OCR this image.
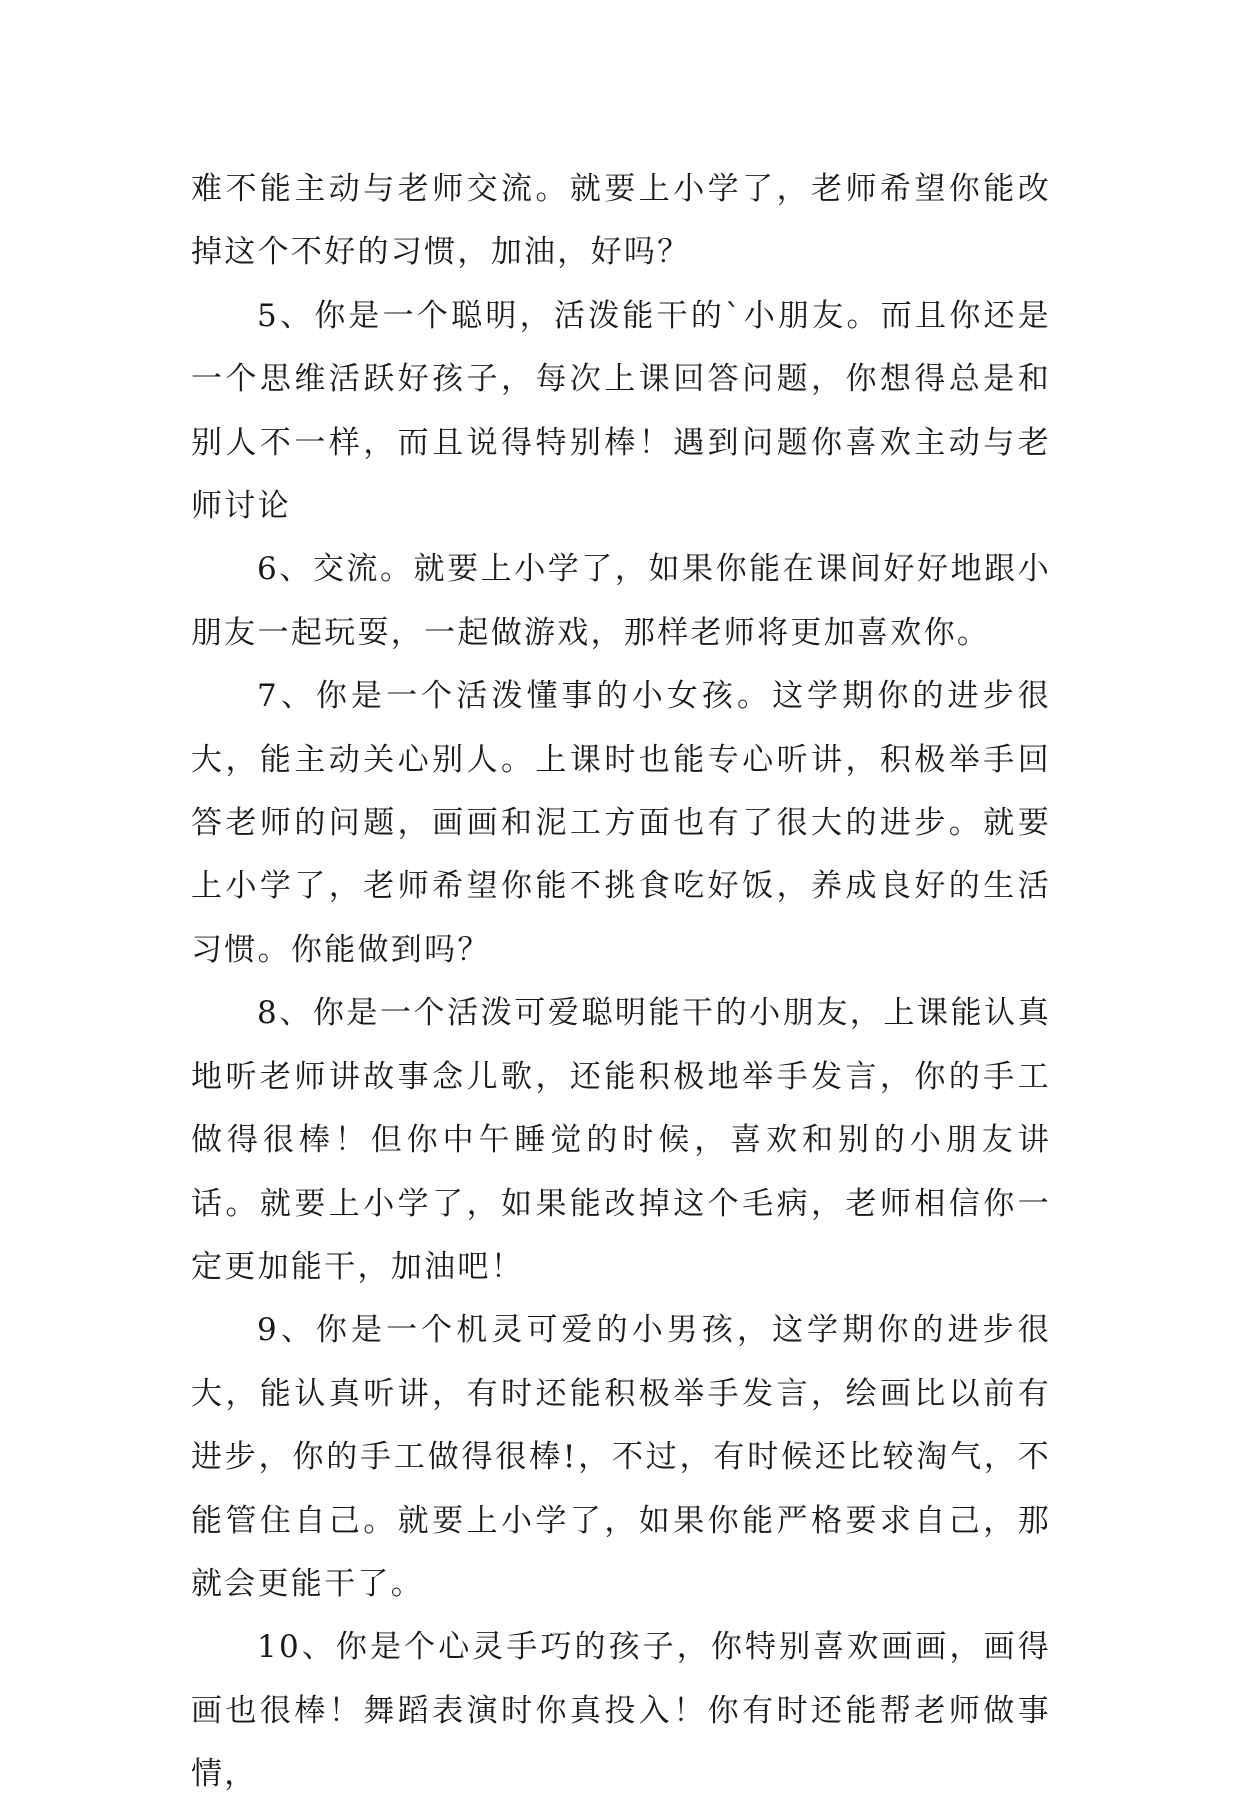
难不能主动与老师交流。就要上小学了，老师希望你能改掉这个不好的习惯，加油，好吗？

5、你是一个聪明，活泼能干的`小朋友。而且你还是一个思维活跃好孩子，每次上课回答问题，你想得总是和别人不一样，而且说得特别棒！遇到问题你喜欢主动与老师讨论

6、交流。就要上小学了，如果你能在课间好好地跟小朋友一起玩耍，一起做游戏，那样老师将更加喜欢你。

7、你是一个活泼懂事的小女孩。这学期你的进步很大，能主动关心别人。上课时也能专心听讲，积极举手回答老师的问题，画画和泥工方面也有了很大的进步。就要上小学了，老师希望你能不挑食吃好饭，养成良好的生活习惯。你能做到吗？

8、你是一个活泼可爱聪明能干的小朋友，上课能认真地听老师讲故事念儿歌，还能积极地举手发言，你的手工做得很棒！但你中午睡觉的时候，喜欢和别的小朋友讲话。就要上小学了，如果能改掉这个毛病，老师相信你一定更加能干，加油吧！

9、你是一个机灵可爱的小男孩，这学期你的进步很大，能认真听讲，有时还能积极举手发言，绘画比以前有进步，你的手工做得很棒!，不过，有时候还比较淘气，不能管住自己。就要上小学了，如果你能严格要求自己，那就会更能干了。

10、你是个心灵手巧的孩子，你特别喜欢画画，画得画也很棒！舞蹈表演时你真投入！你有时还能帮老师做事情，
